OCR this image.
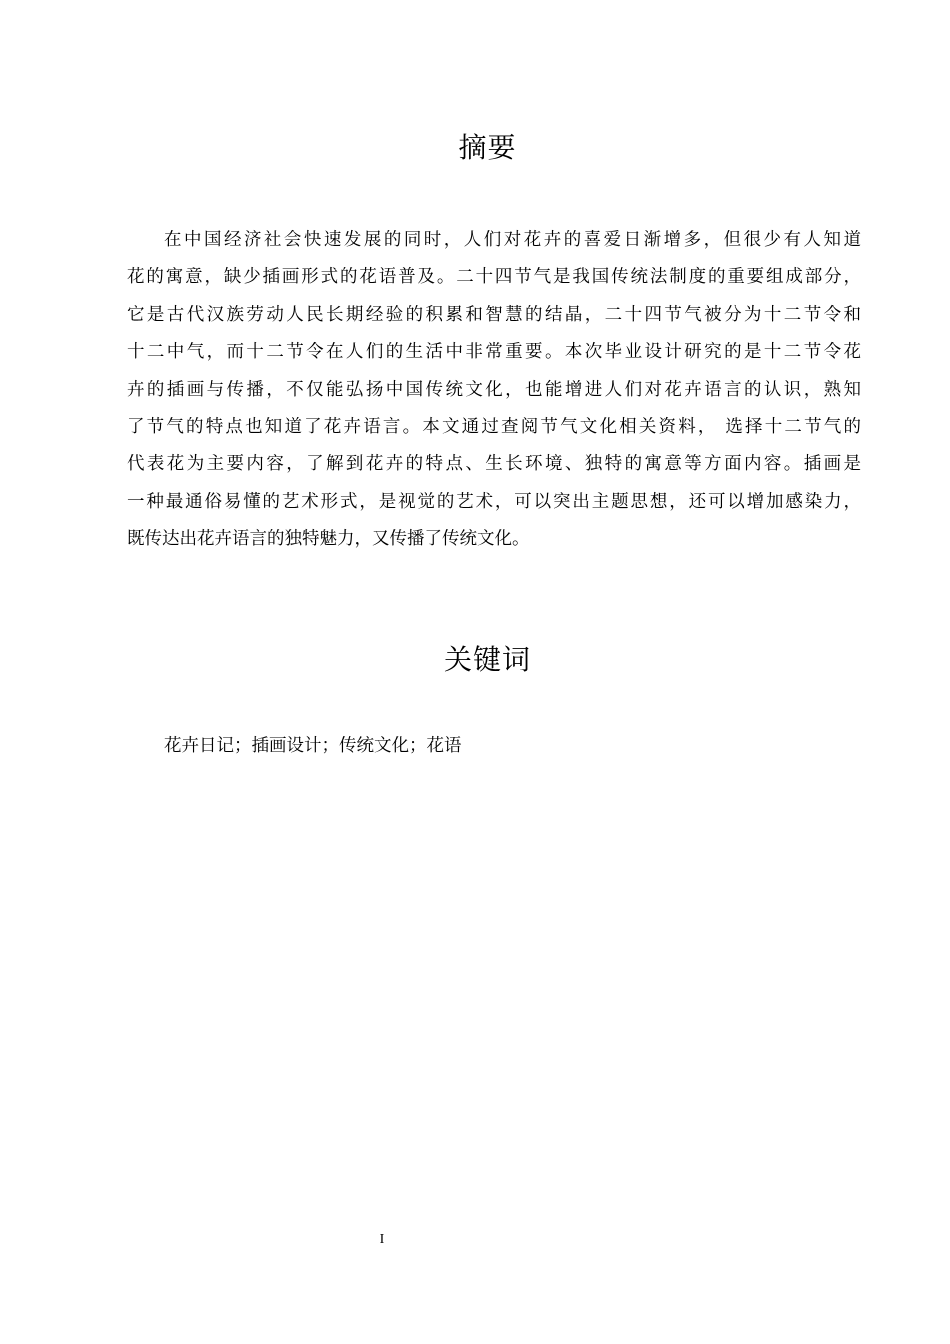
摘要
在中国经济社会快速发展的同时，人们对花卉的喜爱日渐增多，但很少有人知道
花的寓意，缺少插画形式的花语普及。二十四节气是我国传统法制度的重要组成部分，
它是古代汉族劳动人民长期经验的积累和智慧的结晶，二十四节气被分为十二节令和
十二中气，而十二节令在人们的生活中非常重要。本次毕业设计研究的是十二节令花
卉的插画与传播，不仅能弘扬中国传统文化，也能增进人们对花卉语言的认识，熟知
了节气的特点也知道了花卉语言。本文通过查阅节气文化相关资料， 选择十二节气的
代表花为主要内容，了解到花卉的特点、生长环境、独特的寓意等方面内容。插画是
一种最通俗易懂的艺术形式，是视觉的艺术，可以突出主题思想，还可以增加感染力，
既传达出花卉语言的独特魅力，又传播了传统文化。
关键词
花卉日记；插画设计；传统文化；花语
I
